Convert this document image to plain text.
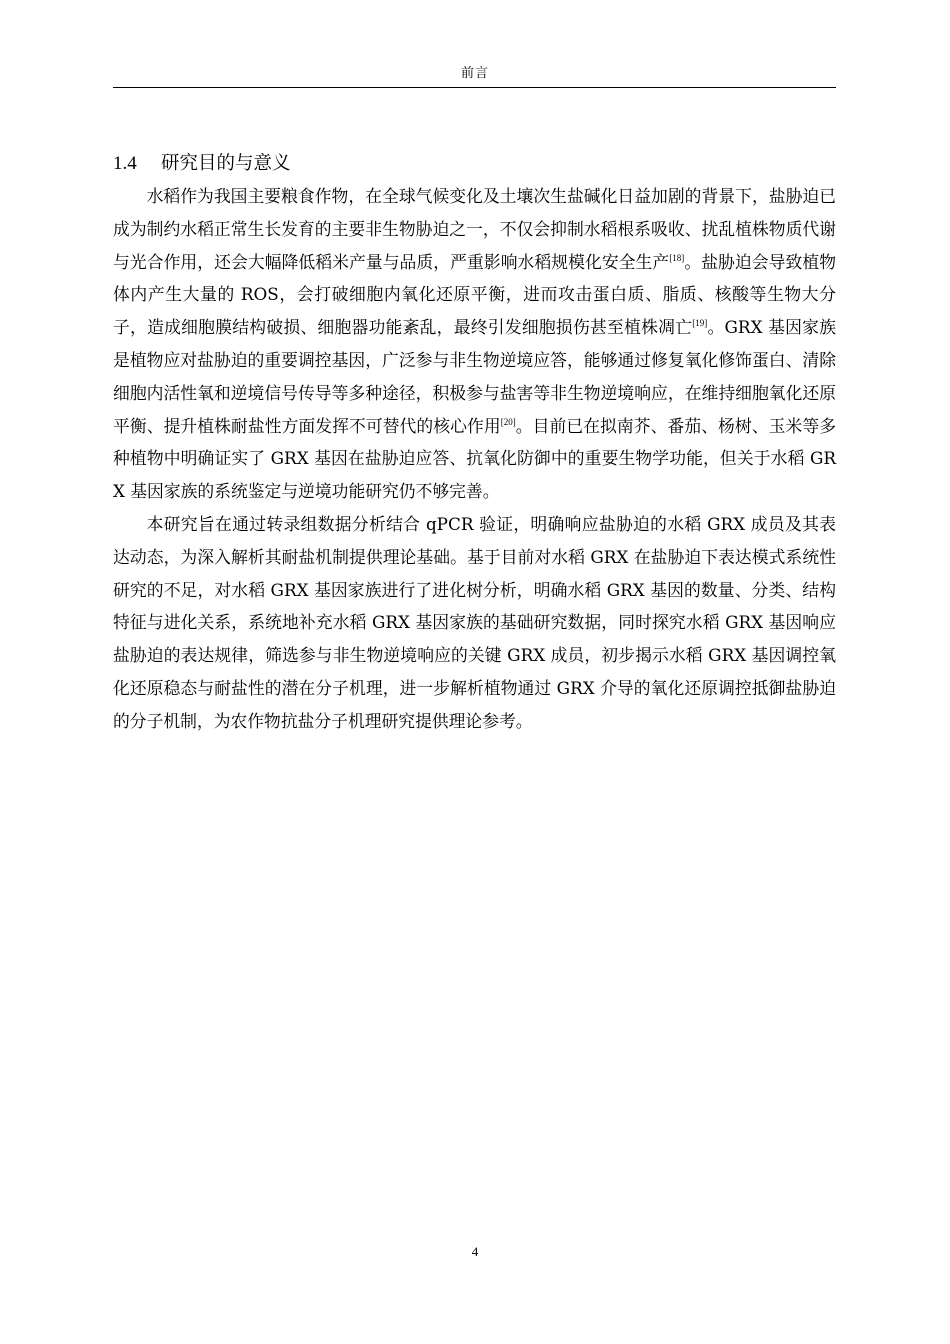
前言
1.4 研究目的与意义

水稻作为我国主要粮食作物，在全球气候变化及土壤次生盐碱化日益加剧的背景下，盐胁迫已成为制约水稻正常生长发育的主要非生物胁迫之一，不仅会抑制水稻根系吸收、扰乱植株物质代谢与光合作用，还会大幅降低稻米产量与品质，严重影响水稻规模化安全生产[18]。盐胁迫会导致植物体内产生大量的 ROS，会打破细胞内氧化还原平衡，进而攻击蛋白质、脂质、核酸等生物大分子，造成细胞膜结构破损、细胞器功能紊乱，最终引发细胞损伤甚至植株凋亡[19]。GRX 基因家族是植物应对盐胁迫的重要调控基因，广泛参与非生物逆境应答，能够通过修复氧化修饰蛋白、清除细胞内活性氧和逆境信号传导等多种途径，积极参与盐害等非生物逆境响应，在维持细胞氧化还原平衡、提升植株耐盐性方面发挥不可替代的核心作用[20]。目前已在拟南芥、番茄、杨树、玉米等多种植物中明确证实了 GRX 基因在盐胁迫应答、抗氧化防御中的重要生物学功能，但关于水稻 GRX 基因家族的系统鉴定与逆境功能研究仍不够完善。

本研究旨在通过转录组数据分析结合 qPCR 验证，明确响应盐胁迫的水稻 GRX 成员及其表达动态，为深入解析其耐盐机制提供理论基础。基于目前对水稻 GRX 在盐胁迫下表达模式系统性研究的不足，对水稻 GRX 基因家族进行了进化树分析，明确水稻 GRX 基因的数量、分类、结构特征与进化关系，系统地补充水稻 GRX 基因家族的基础研究数据，同时探究水稻 GRX 基因响应盐胁迫的表达规律，筛选参与非生物逆境响应的关键 GRX 成员，初步揭示水稻 GRX 基因调控氧化还原稳态与耐盐性的潜在分子机理，进一步解析植物通过 GRX 介导的氧化还原调控抵御盐胁迫的分子机制，为农作物抗盐分子机理研究提供理论参考。

4
